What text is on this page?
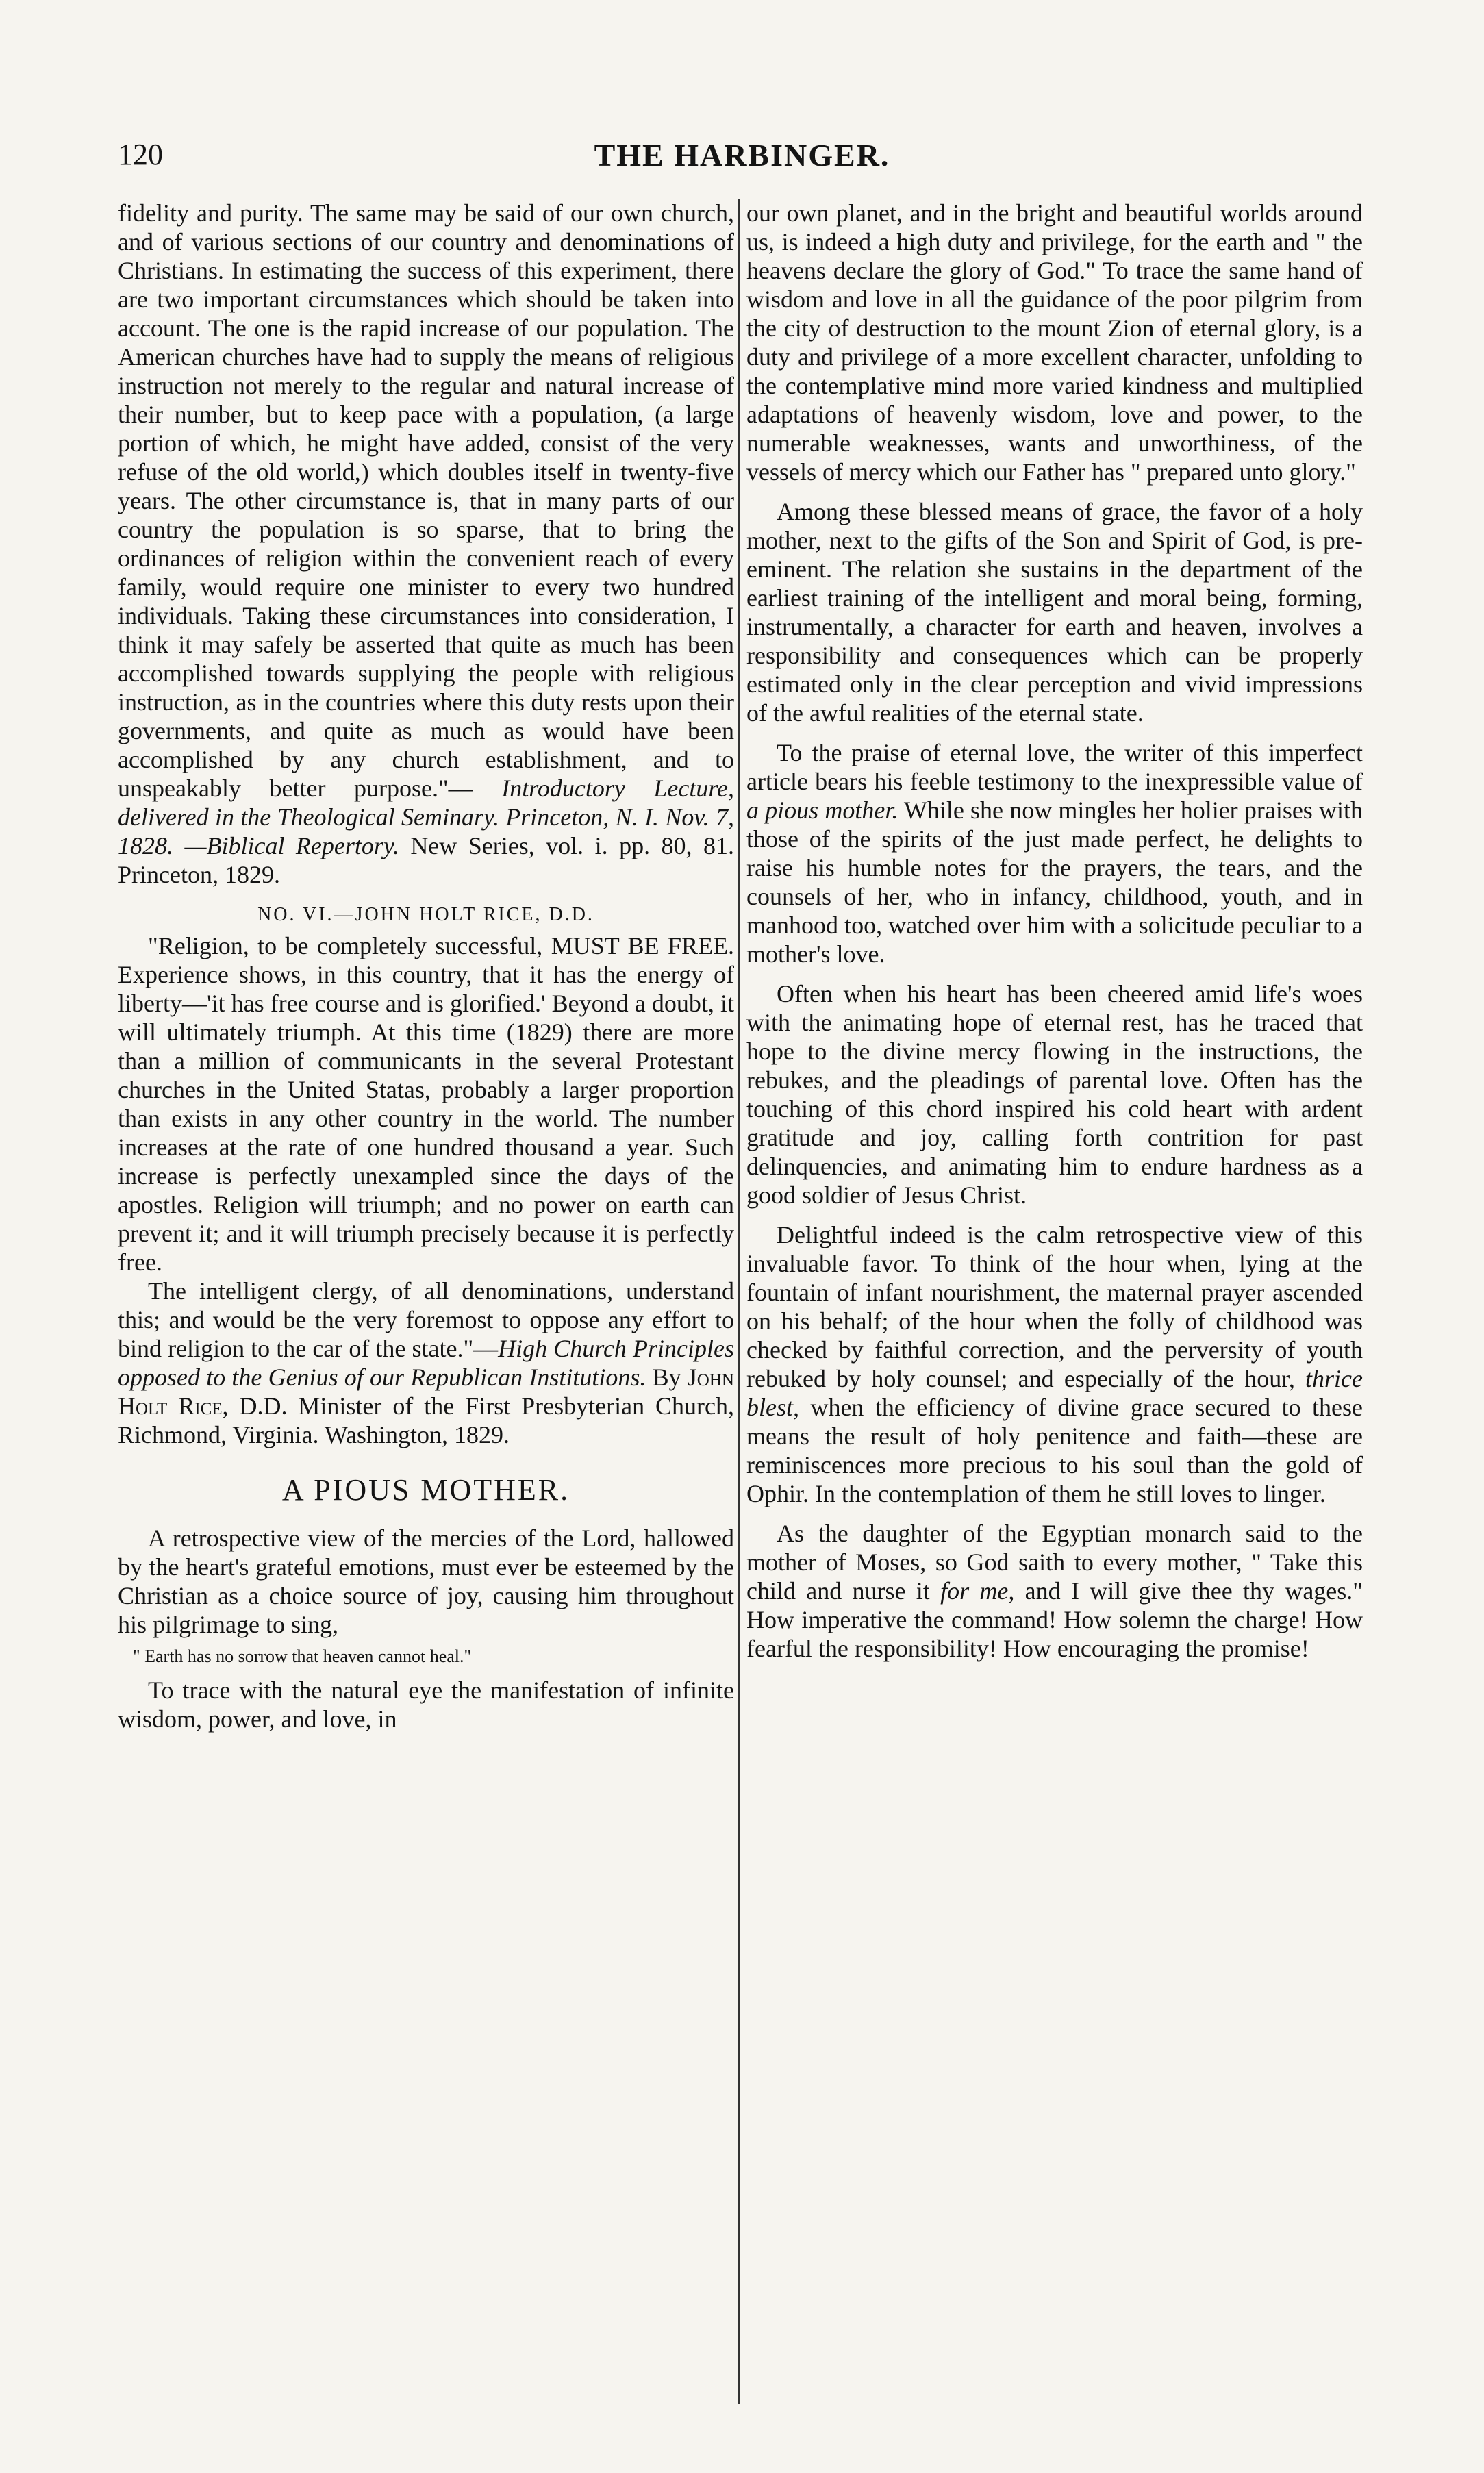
120	THE HARBINGER.

fidelity and purity. The same may be said of our own church, and of various sections of our country and denominations of Christians. In estimating the success of this experiment, there are two important circumstances which should be taken into account. The one is the rapid increase of our population. The American churches have had to supply the means of religious instruction not merely to the regular and natural increase of their number, but to keep pace with a population, (a large portion of which, he might have added, consist of the very refuse of the old world,) which doubles itself in twenty-five years. The other circumstance is, that in many parts of our country the population is so sparse, that to bring the ordinances of religion within the convenient reach of every family, would require one minister to every two hundred individuals. Taking these circumstances into consideration, I think it may safely be asserted that quite as much has been accomplished towards supplying the people with religious instruction, as in the countries where this duty rests upon their governments, and quite as much as would have been accomplished by any church establishment, and to unspeakably better purpose."— Introductory Lecture, delivered in the Theological Seminary. Princeton, N. I. Nov. 7, 1828. —Biblical Repertory. New Series, vol. i. pp. 80, 81. Princeton, 1829.

NO. VI.—JOHN HOLT RICE, D.D.

"Religion, to be completely successful, MUST BE FREE. Experience shows, in this country, that it has the energy of liberty—'it has free course and is glorified.' Beyond a doubt, it will ultimately triumph. At this time (1829) there are more than a million of communicants in the several Protestant churches in the United Statas, probably a larger proportion than exists in any other country in the world. The number increases at the rate of one hundred thousand a year. Such increase is perfectly unexampled since the days of the apostles. Religion will triumph; and no power on earth can prevent it; and it will triumph precisely because it is perfectly free.

The intelligent clergy, of all denominations, understand this; and would be the very foremost to oppose any effort to bind religion to the car of the state."—High Church Principles opposed to the Genius of our Republican Institutions. By John Holt Rice, D.D. Minister of the First Presbyterian Church, Richmond, Virginia. Washington, 1829.

A PIOUS MOTHER.

A retrospective view of the mercies of the Lord, hallowed by the heart's grateful emotions, must ever be esteemed by the Christian as a choice source of joy, causing him throughout his pilgrimage to sing,

" Earth has no sorrow that heaven cannot heal."

To trace with the natural eye the manifestation of infinite wisdom, power, and love, in

our own planet, and in the bright and beautiful worlds around us, is indeed a high duty and privilege, for the earth and " the heavens declare the glory of God." To trace the same hand of wisdom and love in all the guidance of the poor pilgrim from the city of destruction to the mount Zion of eternal glory, is a duty and privilege of a more excellent character, unfolding to the contemplative mind more varied kindness and multiplied adaptations of heavenly wisdom, love and power, to the numerable weaknesses, wants and unworthiness, of the vessels of mercy which our Father has " prepared unto glory."

Among these blessed means of grace, the favor of a holy mother, next to the gifts of the Son and Spirit of God, is pre-eminent. The relation she sustains in the department of the earliest training of the intelligent and moral being, forming, instrumentally, a character for earth and heaven, involves a responsibility and consequences which can be properly estimated only in the clear perception and vivid impressions of the awful realities of the eternal state.

To the praise of eternal love, the writer of this imperfect article bears his feeble testimony to the inexpressible value of a pious mother. While she now mingles her holier praises with those of the spirits of the just made perfect, he delights to raise his humble notes for the prayers, the tears, and the counsels of her, who in infancy, childhood, youth, and in manhood too, watched over him with a solicitude peculiar to a mother's love.

Often when his heart has been cheered amid life's woes with the animating hope of eternal rest, has he traced that hope to the divine mercy flowing in the instructions, the rebukes, and the pleadings of parental love. Often has the touching of this chord inspired his cold heart with ardent gratitude and joy, calling forth contrition for past delinquencies, and animating him to endure hardness as a good soldier of Jesus Christ.

Delightful indeed is the calm retrospective view of this invaluable favor. To think of the hour when, lying at the fountain of infant nourishment, the maternal prayer ascended on his behalf; of the hour when the folly of childhood was checked by faithful correction, and the perversity of youth rebuked by holy counsel; and especially of the hour, thrice blest, when the efficiency of divine grace secured to these means the result of holy penitence and faith—these are reminiscences more precious to his soul than the gold of Ophir. In the contemplation of them he still loves to linger.

As the daughter of the Egyptian monarch said to the mother of Moses, so God saith to every mother, " Take this child and nurse it for me, and I will give thee thy wages." How imperative the command! How solemn the charge! How fearful the responsibility! How encouraging the promise!
